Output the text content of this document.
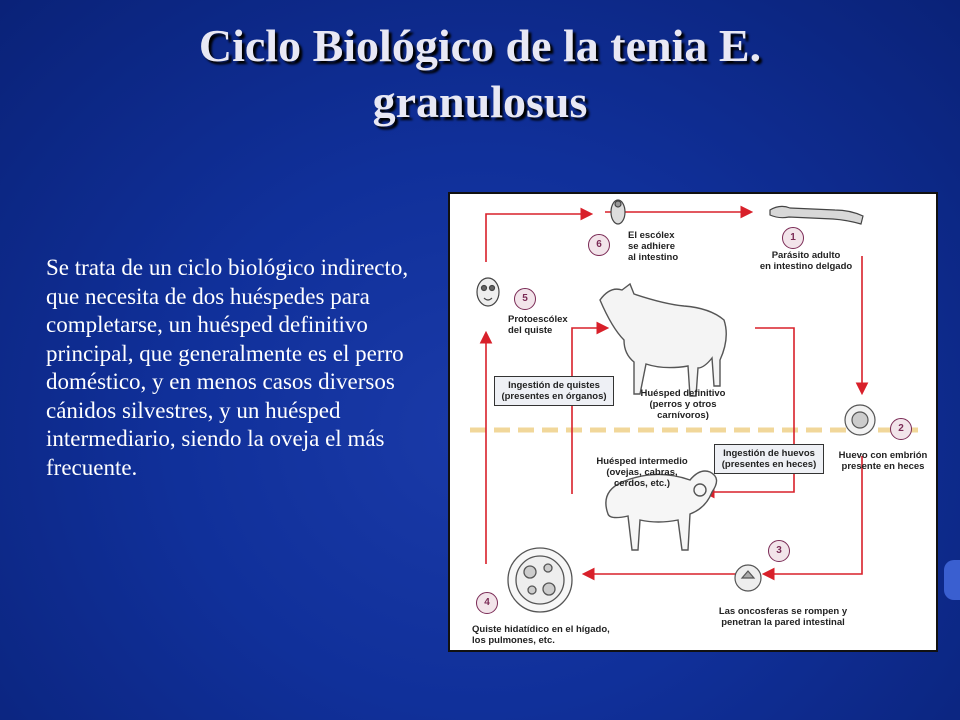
Ciclo Biológico de la tenia E.
granulosus
Se trata de un ciclo biológico indirecto, que necesita de dos huéspedes para completarse, un huésped definitivo principal, que generalmente es el perro doméstico, y en menos casos diversos cánidos silvestres, y un huésped intermediario, siendo la oveja el más frecuente.
6
El escólex
se adhiere
al intestino
1
Parásito adulto
en intestino delgado
5
Protoescólex
del quiste
Ingestión de quistes
(presentes en órganos)	Huésped definitivo
(perros y otros
carnívoros)
2
Huevo con embrión
presente en heces
Ingestión de huevos
(presentes en heces)
Huésped intermedio
(ovejas, cabras,
cerdos, etc.)
3
Las oncosferas se rompen y
penetran la pared intestinal
4
Quiste hidatídico en el hígado,
los pulmones, etc.
